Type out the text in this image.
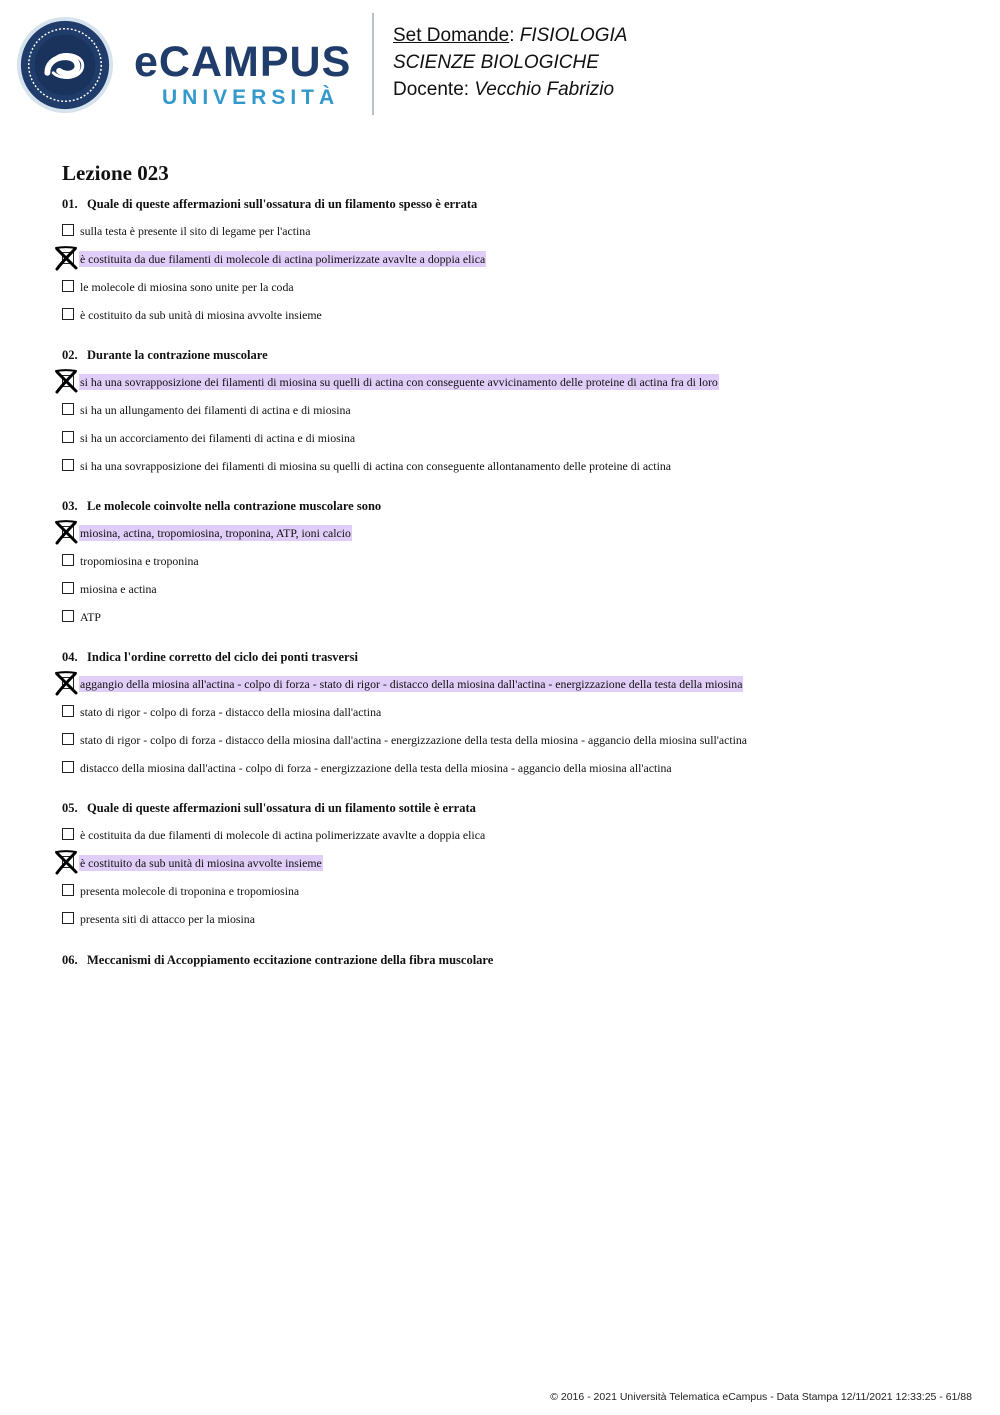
eCAMPUS
UNIVERSITÀ
Set Domande: FISIOLOGIA
SCIENZE BIOLOGICHE
Docente: Vecchio Fabrizio
Lezione 023
01. Quale di queste affermazioni sull'ossatura di un filamento spesso è errata
sulla testa è presente il sito di legame per l'actina
è costituita da due filamenti di molecole di actina polimerizzate avavlte a doppia elica
le molecole di miosina sono unite per la coda
è costituito da sub unità di miosina avvolte insieme
02. Durante la contrazione muscolare
si ha una sovrapposizione dei filamenti di miosina su quelli di actina con conseguente avvicinamento delle proteine di actina fra di loro
si ha un allungamento dei filamenti di actina e di miosina
si ha un accorciamento dei filamenti di actina e di miosina
si ha una sovrapposizione dei filamenti di miosina su quelli di actina con conseguente allontanamento delle proteine di actina
03. Le molecole coinvolte nella contrazione muscolare sono
miosina, actina, tropomiosina, troponina, ATP, ioni calcio
tropomiosina e troponina
miosina e actina
ATP
04. Indica l'ordine corretto del ciclo dei ponti trasversi
aggangio della miosina all'actina - colpo di forza - stato di rigor - distacco della miosina dall'actina - energizzazione della testa della miosina
stato di rigor - colpo di forza - distacco della miosina dall'actina
stato di rigor - colpo di forza - distacco della miosina dall'actina - energizzazione della testa della miosina - aggancio della miosina sull'actina
distacco della miosina dall'actina - colpo di forza - energizzazione della testa della miosina - aggancio della miosina all'actina
05. Quale di queste affermazioni sull'ossatura di un filamento sottile è errata
è costituita da due filamenti di molecole di actina polimerizzate avavlte a doppia elica
è costituito da sub unità di miosina avvolte insieme
presenta molecole di troponina e tropomiosina
presenta siti di attacco per la miosina
06. Meccanismi di Accoppiamento eccitazione contrazione della fibra muscolare
© 2016 - 2021 Università Telematica eCampus - Data Stampa 12/11/2021 12:33:25 - 61/88
